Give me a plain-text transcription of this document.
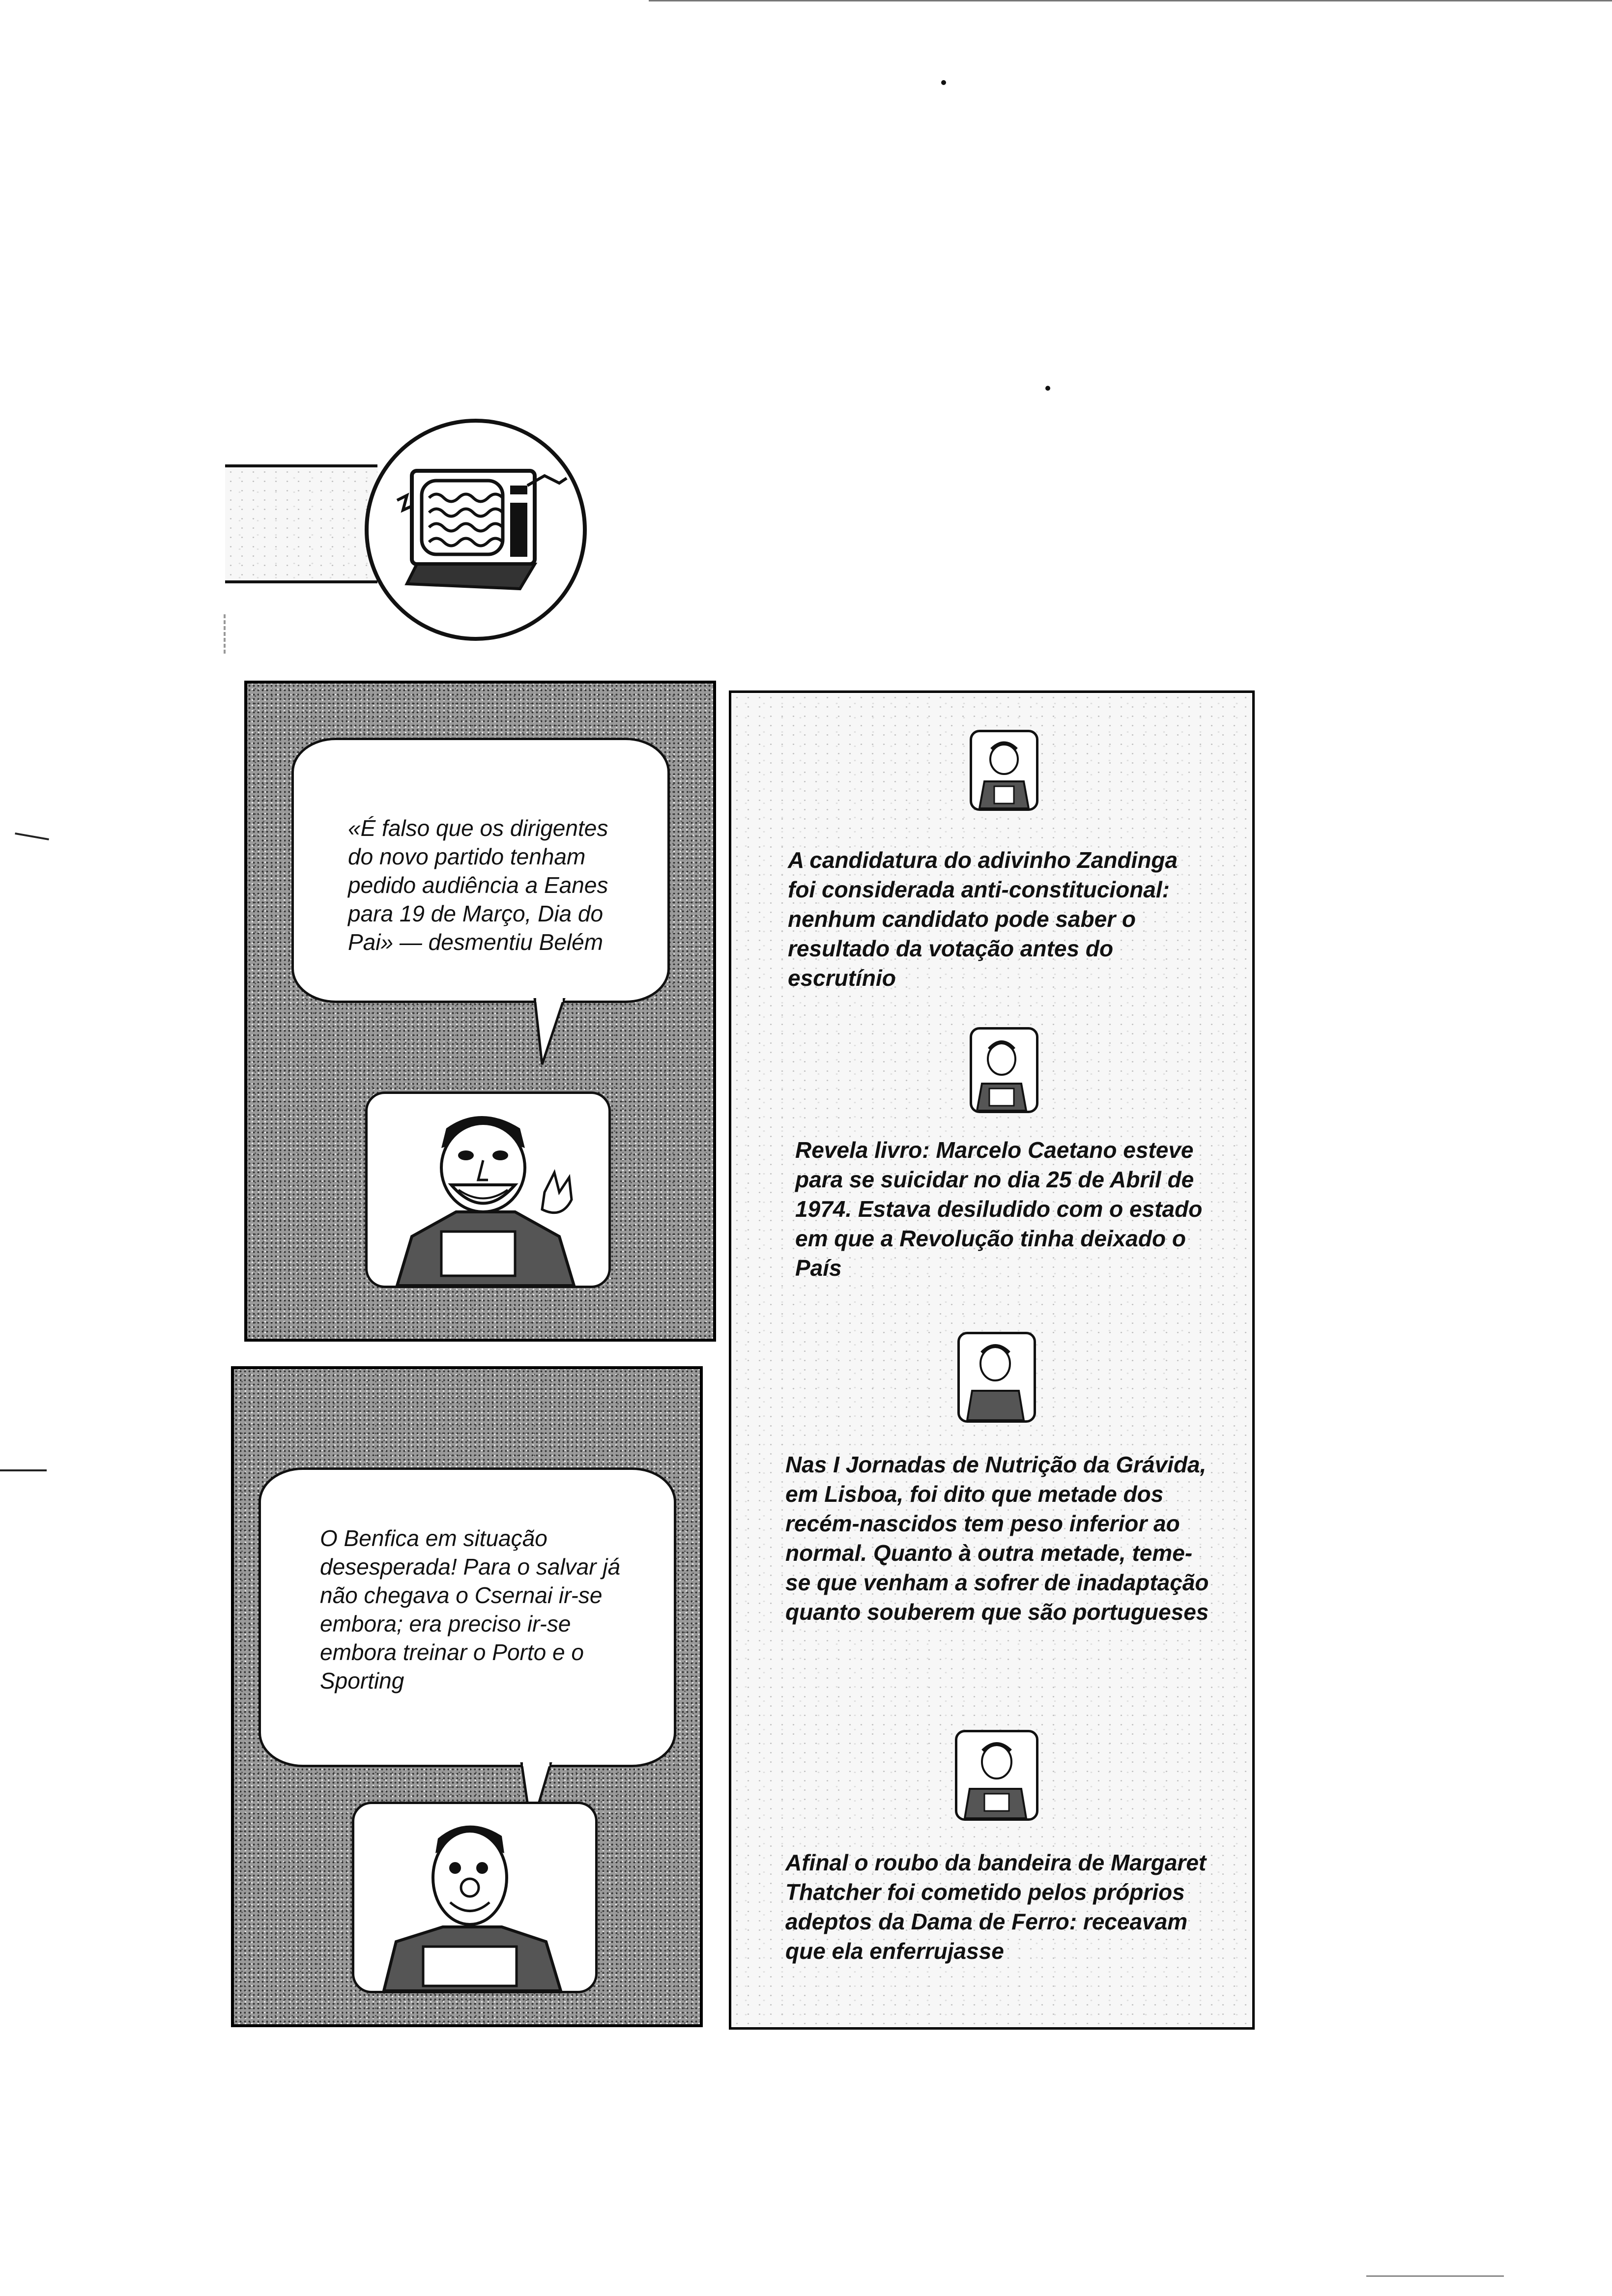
«É falso que os dirigentes do novo partido tenham pedido audiência a Eanes para 19 de Março, Dia do Pai» — desmentiu Belém
O Benfica em situação desesperada! Para o salvar já não chegava o Csernai ir-se embora; era preciso ir-se embora treinar o Porto e o Sporting
A candidatura do adivinho Zandinga foi considerada anti-constitucional: nenhum candidato pode saber o resultado da votação antes do escrutínio
Revela livro: Marcelo Caetano esteve para se suicidar no dia 25 de Abril de 1974. Estava desiludido com o estado em que a Revolução tinha deixado o País
Nas I Jornadas de Nutrição da Grávida, em Lisboa, foi dito que metade dos recém-nascidos tem peso inferior ao normal. Quanto à outra metade, teme-se que venham a sofrer de inadaptação quanto souberem que são portugueses
Afinal o roubo da bandeira de Margaret Thatcher foi cometido pelos próprios adeptos da Dama de Ferro: receavam que ela enferrujasse
